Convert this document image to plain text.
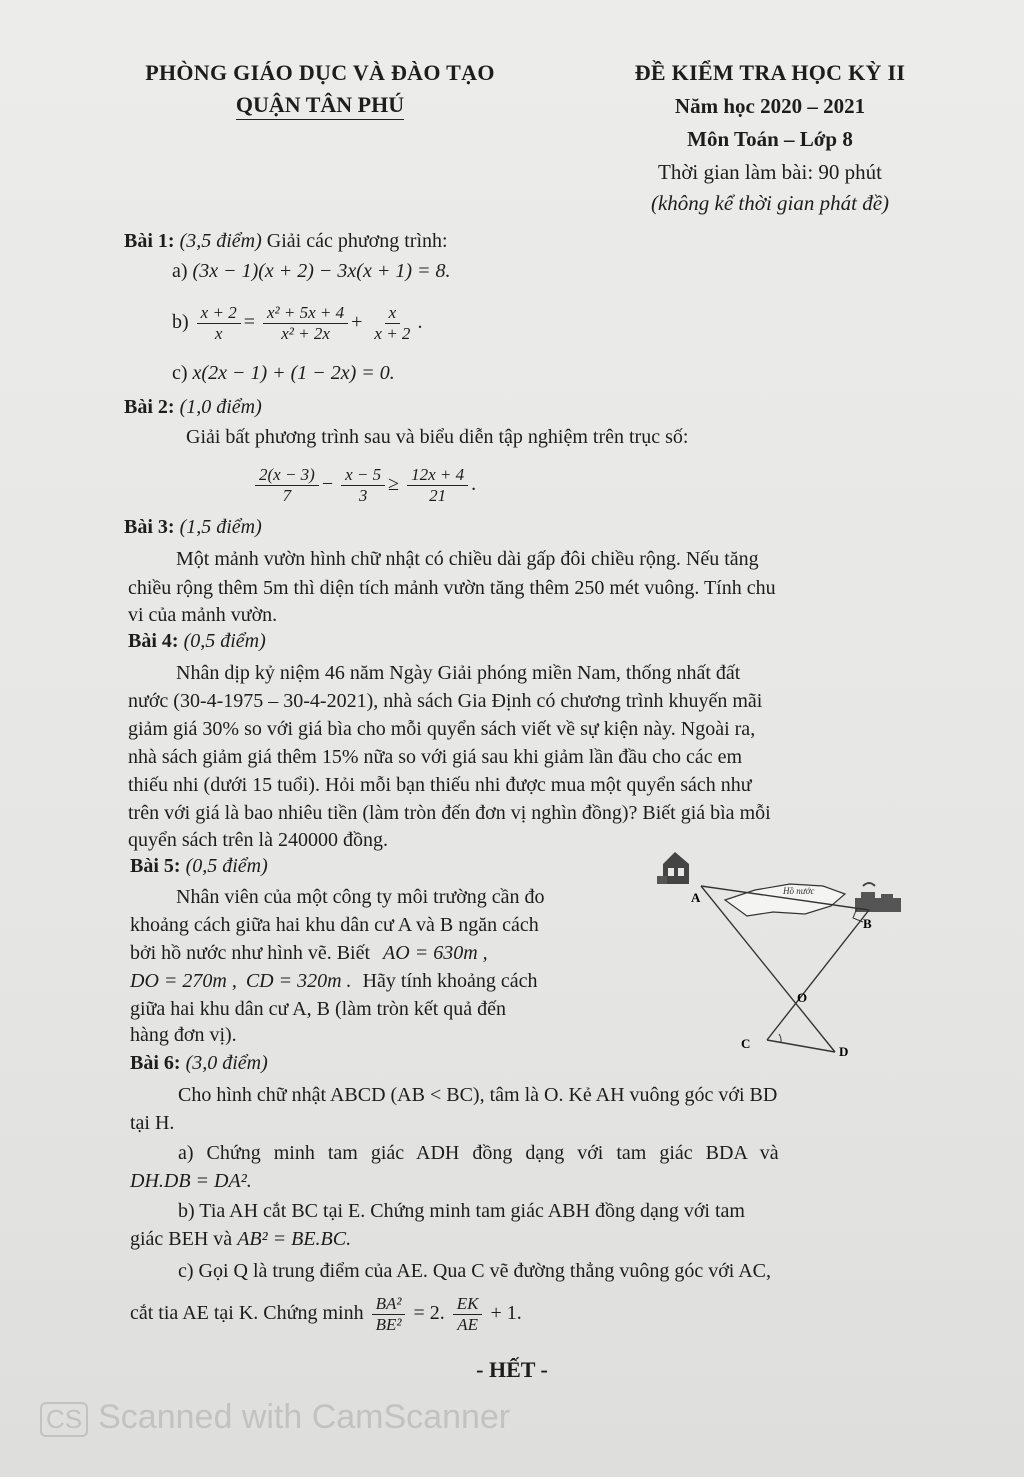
PHÒNG GIÁO DỤC VÀ ĐÀO TẠO
QUẬN TÂN PHÚ
ĐỀ KIỂM TRA HỌC KỲ II
Năm học 2020 – 2021
Môn Toán – Lớp 8
Thời gian làm bài: 90 phút
(không kể thời gian phát đề)
Bài 1: (3,5 điểm) Giải các phương trình:
a) (3x − 1)(x + 2) − 3x(x + 1) = 8.
$b) \frac{x + 2}{x} = \frac{\text{x² + 5x + 4}}{\text{x² + 2x}} + \frac{x}{x + 2}$ .
c) x(2x − 1) + (1 − 2x) = 0.
Bài 2: (1,0 điểm)
Giải bất phương trình sau và biểu diễn tập nghiệm trên trục số:
$\frac{2(x - 3)}{7} - \frac{x - 5}{3} \ge \frac{12x + 4}{21}$ .
Bài 3: (1,5 điểm)
Một mảnh vườn hình chữ nhật có chiều dài gấp đôi chiều rộng. Nếu tăng
chiều rộng thêm 5m thì diện tích mảnh vườn tăng thêm 250 mét vuông. Tính chu
vi của mảnh vườn.
Bài 4: (0,5 điểm)
Nhân dịp kỷ niệm 46 năm Ngày Giải phóng miền Nam, thống nhất đất
nước (30-4-1975 – 30-4-2021), nhà sách Gia Định có chương trình khuyến mãi
giảm giá 30% so với giá bìa cho mỗi quyển sách viết về sự kiện này. Ngoài ra,
nhà sách giảm giá thêm 15% nữa so với giá sau khi giảm lần đầu cho các em
thiếu nhi (dưới 15 tuổi). Hỏi mỗi bạn thiếu nhi được mua một quyển sách như
trên với giá là bao nhiêu tiền (làm tròn đến đơn vị nghìn đồng)? Biết giá bìa mỗi
quyển sách trên là 240000 đồng.
Bài 5: (0,5 điểm)
Nhân viên của một công ty môi trường cần đo
khoảng cách giữa hai khu dân cư A và B ngăn cách
bởi hồ nước như hình vẽ. Biết AO = 630m ,
DO = 270m , CD = 320m . Hãy tính khoảng cách
giữa hai khu dân cư A, B (làm tròn kết quả đến
hàng đơn vị).
Hồ nước
A
B
O
C
D
Bài 6: (3,0 điểm)
Cho hình chữ nhật ABCD (AB < BC), tâm là O. Kẻ AH vuông góc với BD
tại H.
a) Chứng minh tam giác ADH đồng dạng với tam giác BDA và
DH.DB = DA².
b) Tia AH cắt BC tại E. Chứng minh tam giác ABH đồng dạng với tam
giác BEH và AB² = BE.BC.
c) Gọi Q là trung điểm của AE. Qua C vẽ đường thẳng vuông góc với AC,
cắt tia AE tại K. Chứng minh $\frac{\text{BA²}}{\text{BE²}} = 2$. $\frac{EK}{AE} + 1$.
- HẾT -
CS Scanned with CamScanner
